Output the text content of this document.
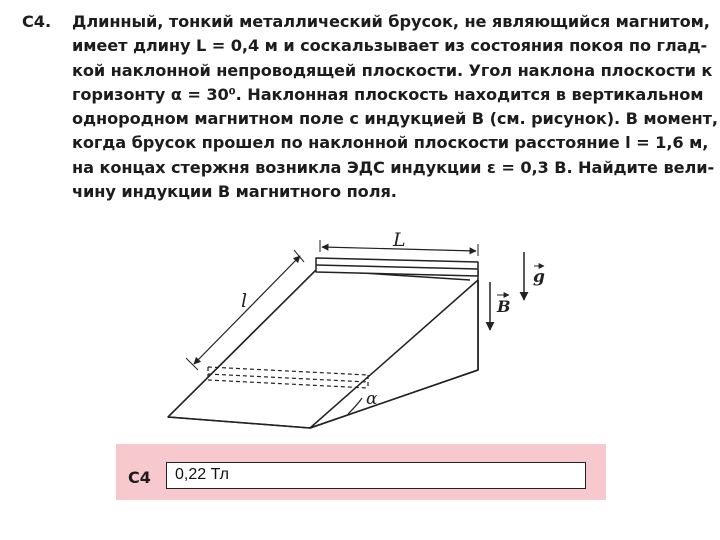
С4.	Длинный, тонкий металлический брусок, не являющийся магнитом,
имеет длину L = 0,4 м и соскальзывает из состояния покоя по глад-
кой наклонной непроводящей плоскости. Угол наклона плоскости к
горизонту α = 30⁰. Наклонная плоскость находится в вертикальном
однородном магнитном поле с индукцией B (см. рисунок). В момент,
когда брусок прошел по наклонной плоскости расстояние l = 1,6 м,
на концах стержня возникла ЭДС индукции ε = 0,3 В. Найдите вели-
чину индукции B магнитного поля.
L
l
α
g
B
С4 0,22 Тл
